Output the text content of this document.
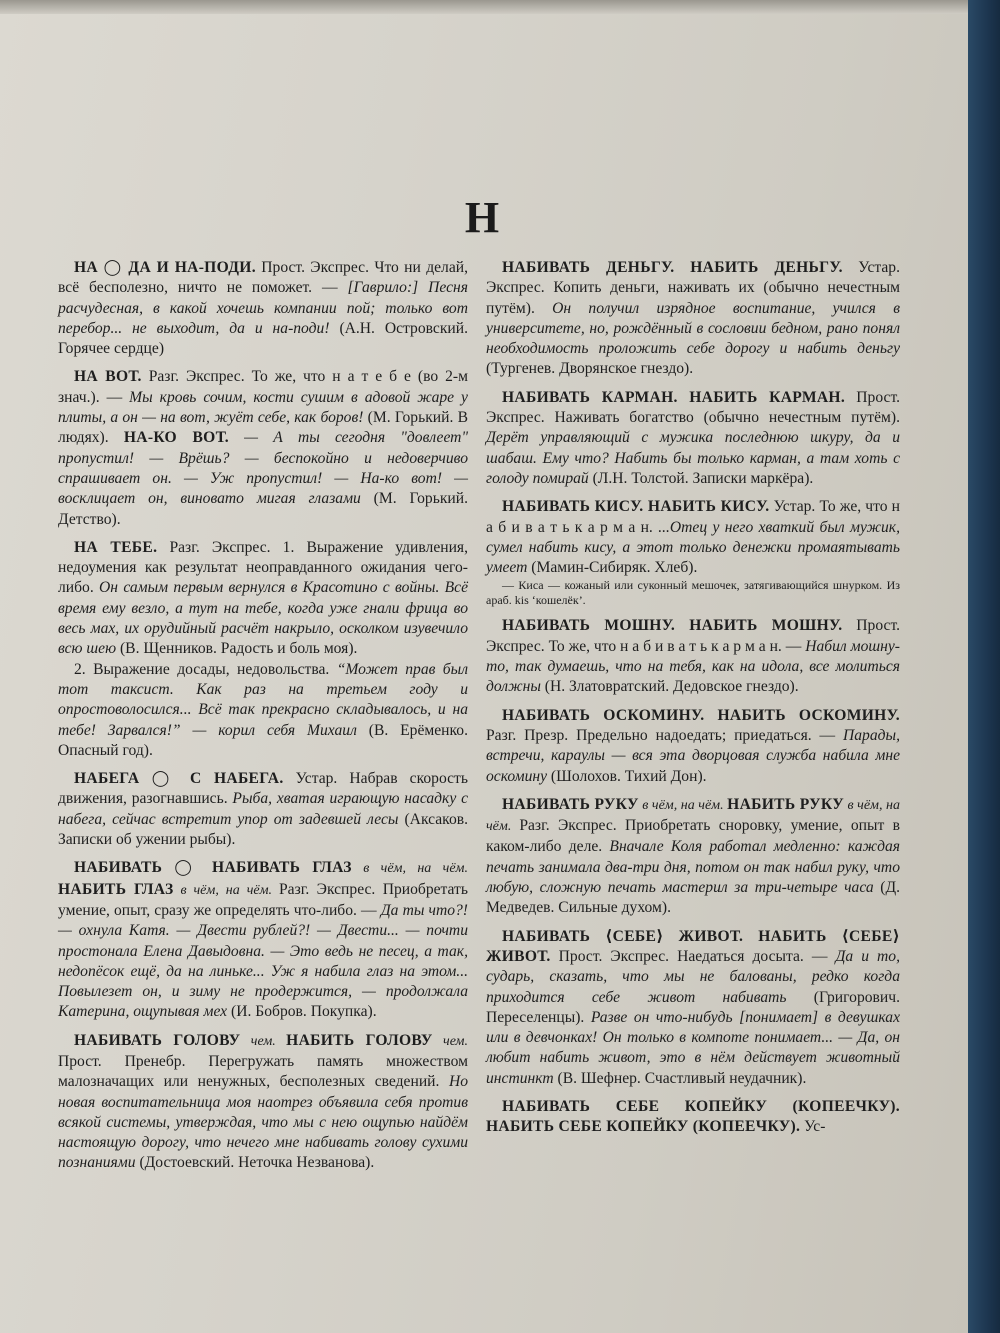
Н
НА ◯ ДА И НА-ПОДИ. Прост. Экспрес. Что ни делай, всё бесполезно, ничто не поможет. — [Гаврило:] Песня расчудесная, в какой хочешь компании пой; только вот перебор... не выходит, да и на-поди! (А.Н. Островский. Горячее сердце)
НА ВОТ. Разг. Экспрес. То же, что н а т е б е (во 2-м знач.). — Мы кровь сочим, кости сушим в адовой жаре у плиты, а он — на вот, жуёт себе, как боров! (М. Горький. В людях). НА-КО ВОТ. — А ты сегодня "довлеет" пропустил! — Врёшь? — беспокойно и недоверчиво спрашивает он. — Уж пропустил! — На-ко вот! — восклицает он, виновато мигая глазами (М. Горький. Детство).

НА ТЕБЕ. Разг. Экспрес. 1. Выражение удивления, недоумения как результат неоправданного ожидания чего-либо. Он самым первым вернулся в Красотино с войны. Всё время ему везло, а тут на тебе, когда уже гнали фрица во весь мах, их орудийный расчёт накрыло, осколком изувечило всю шею (В. Щенников. Радость и боль моя).

2. Выражение досады, недовольства. “Может прав был тот таксист. Как раз на третьем году и опростоволосился... Всё так прекрасно складывалось, и на тебе! Зарвался!” — корил себя Михаил (В. Ерёменко. Опасный год).

НАБЕГА ◯ С НАБЕГА. Устар. Набрав скорость движения, разогнавшись. Рыба, хватая играющую насадку с набега, сейчас встретит упор от задевшей лесы (Аксаков. Записки об ужении рыбы).
НАБИВАТЬ ◯ НАБИВАТЬ ГЛАЗ в чём, на чём. НАБИТЬ ГЛАЗ в чём, на чём. Разг. Экспрес. Приобретать умение, опыт, сразу же определять что-либо. — Да ты что?! — охнула Катя. — Двести рублей?! — Двести... — почти простонала Елена Давыдовна. — Это ведь не песец, а так, недопёсок ещё, да на линьке... Уж я набила глаз на этом... Повылезет он, и зиму не продержится, — продолжала Катерина, ощупывая мех (И. Бобров. Покупка).
НАБИВАТЬ ГОЛОВУ чем. НАБИТЬ ГОЛОВУ чем. Прост. Пренебр. Перегружать память множеством малозначащих или ненужных, бесполезных сведений. Но новая воспитательница моя наотрез объявила себя против всякой системы, утверждая, что мы с нею ощупью найдём настоящую дорогу, что нечего мне набивать голову сухими познаниями (Достоевский. Неточка Незванова).
НАБИВАТЬ ДЕНЬГУ. НАБИТЬ ДЕНЬГУ. Устар. Экспрес. Копить деньги, наживать их (обычно нечестным путём). Он получил изрядное воспитание, учился в университете, но, рождённый в сословии бедном, рано понял необходимость проложить себе дорогу и набить деньгу (Тургенев. Дворянское гнездо).
НАБИВАТЬ КАРМАН. НАБИТЬ КАРМАН. Прост. Экспрес. Наживать богатство (обычно нечестным путём). Дерёт управляющий с мужика последнюю шкуру, да и шабаш. Ему что? Набить бы только карман, а там хоть с голоду помирай (Л.Н. Толстой. Записки маркёра).
НАБИВАТЬ КИСУ. НАБИТЬ КИСУ. Устар. То же, что н а б и в а т ь к а р м а н. ...Отец у него хваткий был мужик, сумел набить кису, а этот только денежки промаятывать умеет (Мамин-Сибиряк. Хлеб).

— Киса — кожаный или суконный мешочек, затягивающийся шнурком. Из араб. kis ‘кошелёк’.

НАБИВАТЬ МОШНУ. НАБИТЬ МОШНУ. Прост. Экспрес. То же, что н а б и в а т ь к а р м а н. — Набил мошну-то, так думаешь, что на тебя, как на идола, все молиться должны (Н. Златовратский. Дедовское гнездо).
НАБИВАТЬ ОСКОМИНУ. НАБИТЬ ОСКОМИНУ. Разг. Презр. Предельно надоедать; приедаться. — Парады, встречи, караулы — вся эта дворцовая служба набила мне оскомину (Шолохов. Тихий Дон).
НАБИВАТЬ РУКУ в чём, на чём. НАБИТЬ РУКУ в чём, на чём. Разг. Экспрес. Приобретать сноровку, умение, опыт в каком-либо деле. Вначале Коля работал медленно: каждая печать занимала два-три дня, потом он так набил руку, что любую, сложную печать мастерил за три-четыре часа (Д. Медведев. Сильные духом).
НАБИВАТЬ ⟨СЕБЕ⟩ ЖИВОТ. НАБИТЬ ⟨СЕБЕ⟩ ЖИВОТ. Прост. Экспрес. Наедаться досыта. — Да и то, сударь, сказать, что мы не балованы, редко когда приходится себе живот набивать (Григорович. Переселенцы). Разве он что-нибудь [понимает] в девушках или в девчонках! Он только в компоте понимает... — Да, он любит набить живот, это в нём действует животный инстинкт (В. Шефнер. Счастливый неудачник).
НАБИВАТЬ СЕБЕ КОПЕЙКУ (КОПЕЕЧКУ). НАБИТЬ СЕБЕ КОПЕЙКУ (КОПЕЕЧКУ). Ус-
